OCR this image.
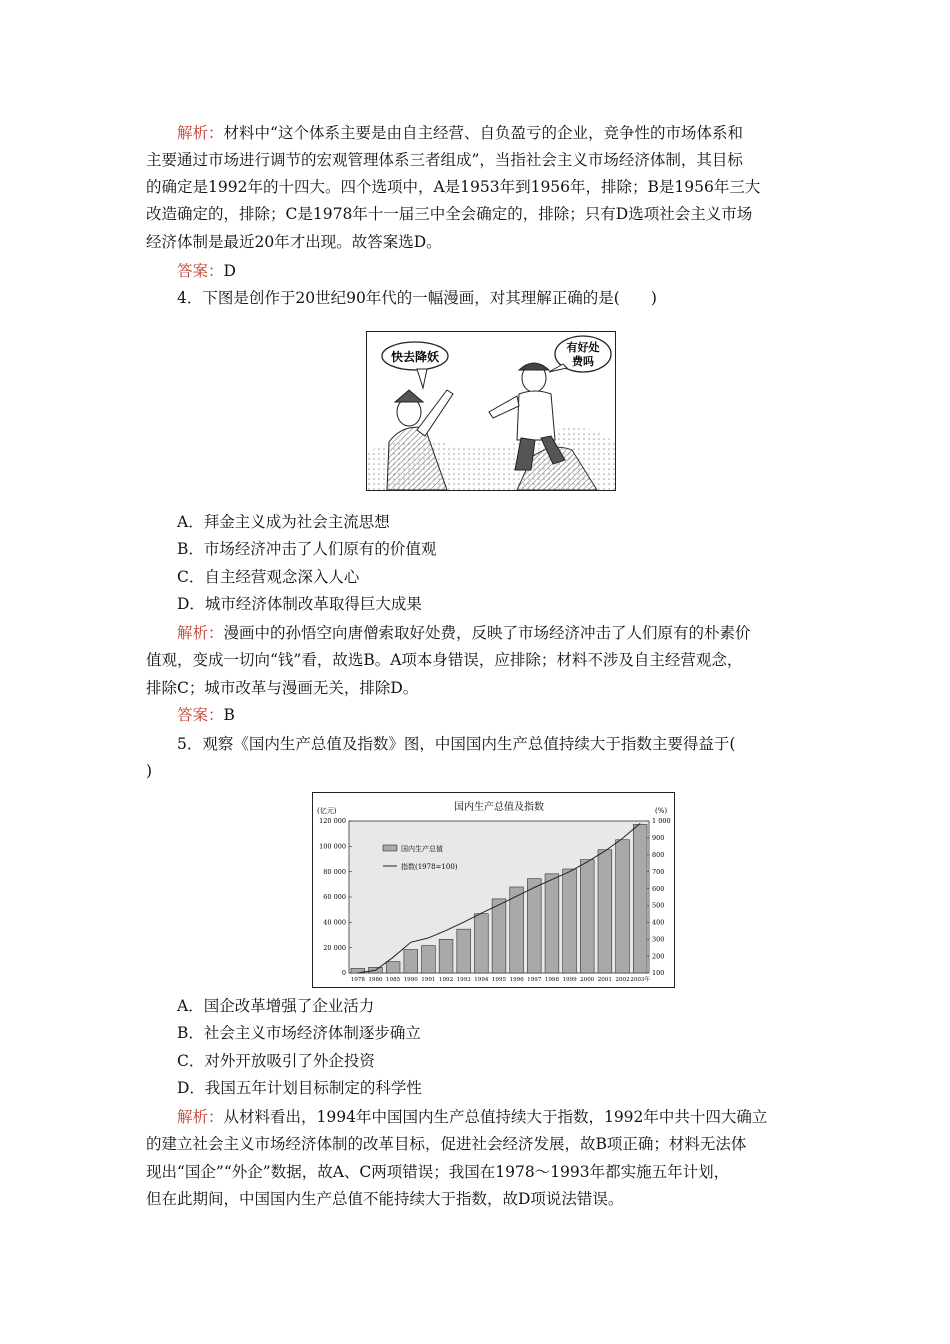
解析：材料中“这个体系主要是由自主经营、自负盈亏的企业，竞争性的市场体系和
主要通过市场进行调节的宏观管理体系三者组成”，当指社会主义市场经济体制，其目标
的确定是1992年的十四大。四个选项中，A是1953年到1956年，排除；B是1956年三大
改造确定的，排除；C是1978年十一届三中全会确定的，排除；只有D选项社会主义市场
经济体制是最近20年才出现。故答案选D。
答案：D
4．下图是创作于20世纪90年代的一幅漫画，对其理解正确的是(　　)
快去降妖
有好处
费吗
A．拜金主义成为社会主流思想
B．市场经济冲击了人们原有的价值观
C．自主经营观念深入人心
D．城市经济体制改革取得巨大成果
解析：漫画中的孙悟空向唐僧索取好处费，反映了市场经济冲击了人们原有的朴素价
值观，变成一切向“钱”看，故选B。A项本身错误，应排除；材料不涉及自主经营观念，
排除C；城市改革与漫画无关，排除D。
答案：B
5．观察《国内生产总值及指数》图，中国国内生产总值持续大于指数主要得益于(
)
国内生产总值及指数
(亿元)	(%)
0
20 000
40 000
60 000
80 000
100 000
120 000
100
200
300
400
500
600
700
800
900
1 000
1978 1980 1985 1990 1991 1992 1993 1994 1995 1996 1997 1998 1999 2000 2001 2002 2003年
国内生产总值
指数(1978=100)
A．国企改革增强了企业活力
B．社会主义市场经济体制逐步确立
C．对外开放吸引了外企投资
D．我国五年计划目标制定的科学性
解析：从材料看出，1994年中国国内生产总值持续大于指数，1992年中共十四大确立
的建立社会主义市场经济体制的改革目标，促进社会经济发展，故B项正确；材料无法体
现出“国企”“外企”数据，故A、C两项错误；我国在1978～1993年都实施五年计划，
但在此期间，中国国内生产总值不能持续大于指数，故D项说法错误。
